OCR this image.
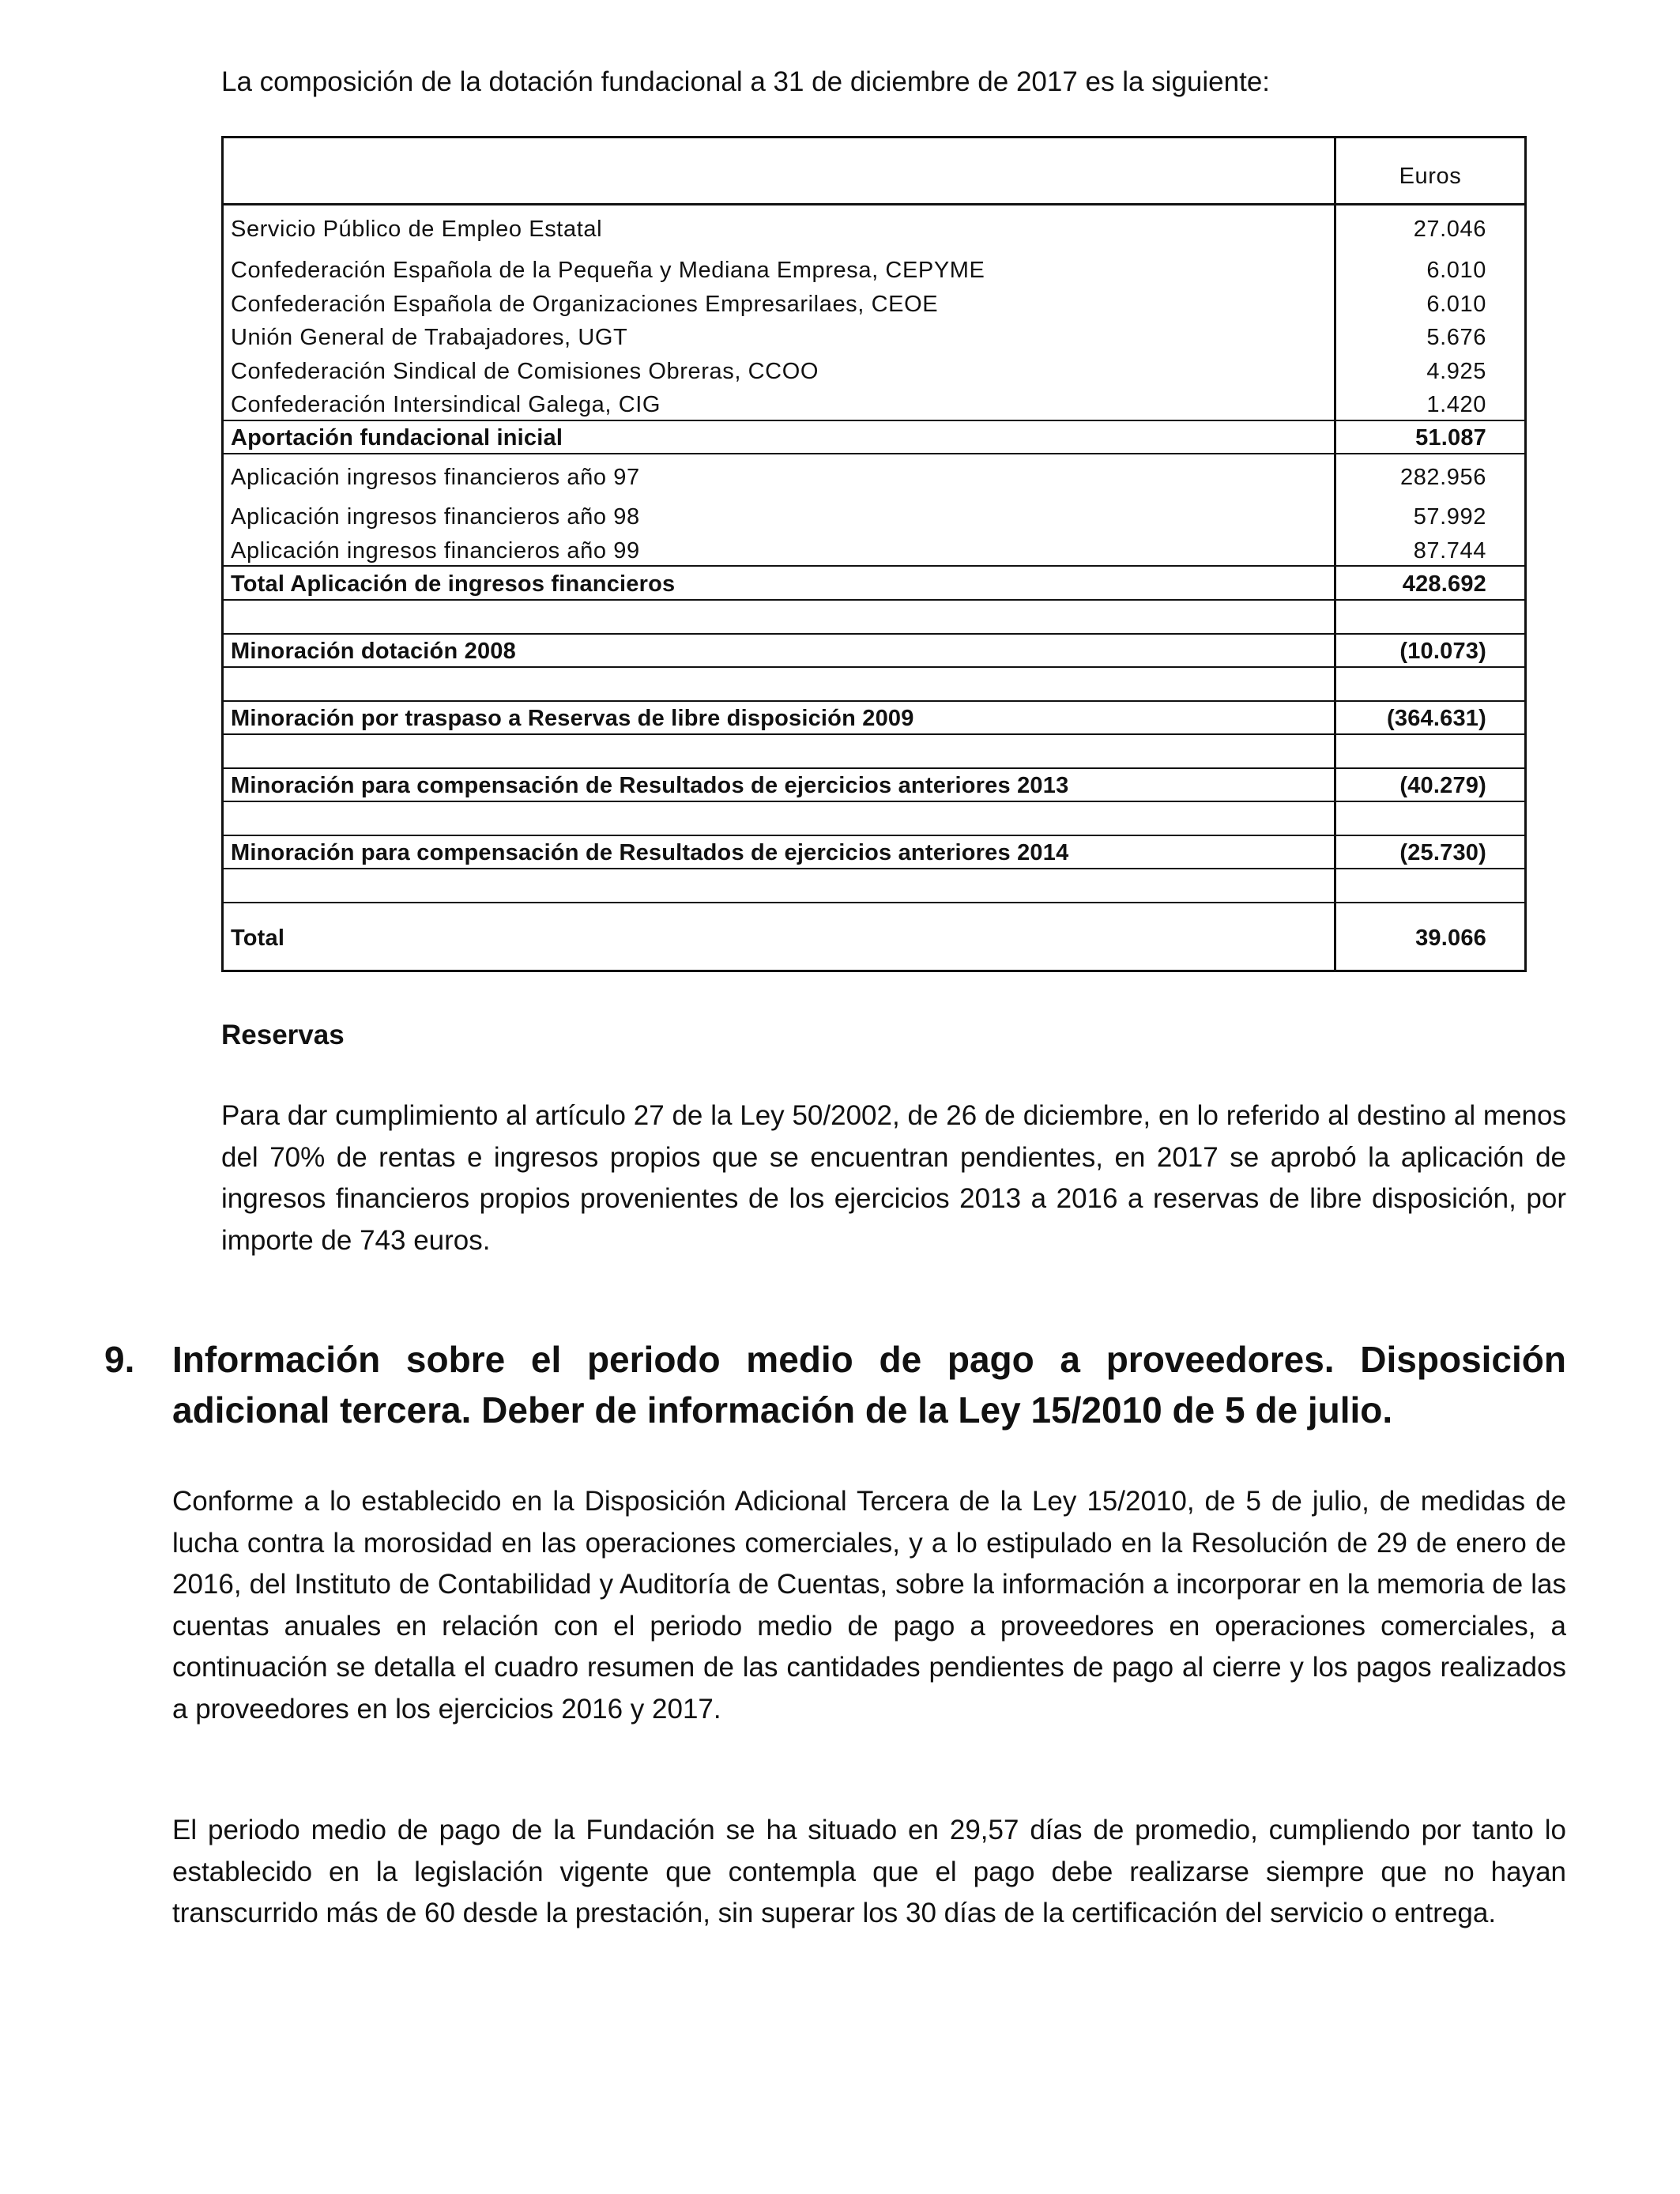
La composición de la dotación fundacional a 31 de diciembre de 2017 es la siguiente:
Euros
Servicio Público de Empleo Estatal	27.046
Confederación Española de la Pequeña y Mediana Empresa, CEPYME	6.010
Confederación Española de Organizaciones Empresarilaes, CEOE	6.010
Unión General de Trabajadores, UGT	5.676
Confederación Sindical de Comisiones Obreras, CCOO	4.925
Confederación Intersindical Galega, CIG	1.420
Aportación fundacional inicial	51.087
Aplicación ingresos financieros año 97	282.956
Aplicación ingresos financieros año 98	57.992
Aplicación ingresos financieros año 99	87.744
Total Aplicación de ingresos financieros	428.692
Minoración dotación 2008	(10.073)
Minoración por traspaso a Reservas de libre disposición 2009	(364.631)
Minoración para compensación de Resultados de ejercicios anteriores 2013	(40.279)
Minoración para compensación de Resultados de ejercicios anteriores 2014	(25.730)
Total	39.066
Reservas
Para dar cumplimiento al artículo 27 de la Ley 50/2002, de 26 de diciembre, en lo referido al destino al menos del 70% de rentas e ingresos propios que se encuentran pendientes, en 2017 se aprobó la aplicación de ingresos financieros propios provenientes de los ejercicios 2013 a 2016 a reservas de libre disposición, por importe de 743 euros.
9. Información sobre el periodo medio de pago a proveedores. Disposición adicional tercera. Deber de información de la Ley 15/2010 de 5 de julio.
Conforme a lo establecido en la Disposición Adicional Tercera de la Ley 15/2010, de 5 de julio, de medidas de lucha contra la morosidad en las operaciones comerciales, y a lo estipulado en la Resolución de 29 de enero de 2016, del Instituto de Contabilidad y Auditoría de Cuentas, sobre la información a incorporar en la memoria de las cuentas anuales en relación con el periodo medio de pago a proveedores en operaciones comerciales, a continuación se detalla el cuadro resumen de las cantidades pendientes de pago al cierre y los pagos realizados a proveedores en los ejercicios 2016 y 2017.
El periodo medio de pago de la Fundación se ha situado en 29,57 días de promedio, cumpliendo por tanto lo establecido en la legislación vigente que contempla que el pago debe realizarse siempre que no hayan transcurrido más de 60 desde la prestación, sin superar los 30 días de la certificación del servicio o entrega.
